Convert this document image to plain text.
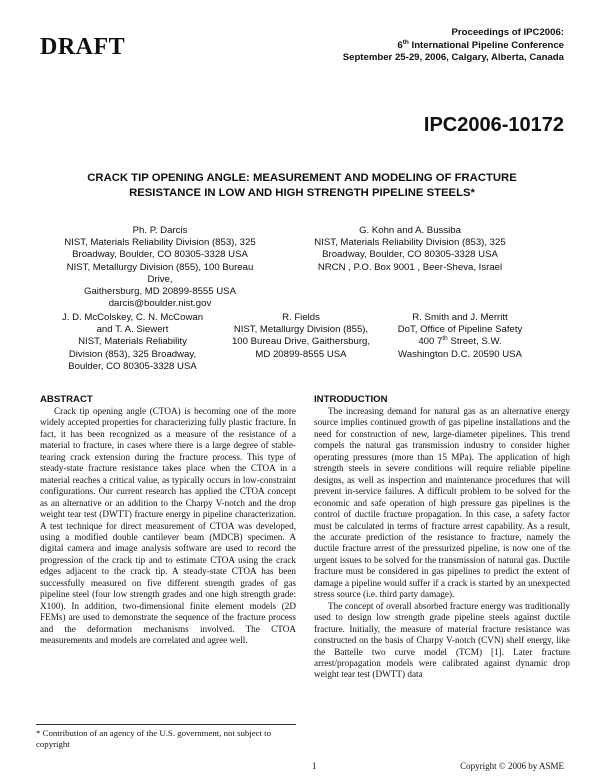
DRAFT
Proceedings of IPC2006:
6th International Pipeline Conference
September 25-29, 2006, Calgary, Alberta, Canada
IPC2006-10172
CRACK TIP OPENING ANGLE: MEASUREMENT AND MODELING OF FRACTURE
RESISTANCE IN LOW AND HIGH STRENGTH PIPELINE STEELS*
Ph. P. Darcis
NIST, Materials Reliability Division (853), 325
Broadway, Boulder, CO 80305-3328 USA
NIST, Metallurgy Division (855), 100 Bureau Drive,
Gaithersburg, MD 20899-8555 USA
darcis@boulder.nist.gov
G. Kohn and A. Bussiba
NIST, Materials Reliability Division (853), 325
Broadway, Boulder, CO 80305-3328 USA
NRCN , P.O. Box 9001 , Beer-Sheva, Israel
J. D. McColskey, C. N. McCowan
and T. A. Siewert
NIST, Materials Reliability
Division (853), 325 Broadway,
Boulder, CO 80305-3328 USA
R. Fields
NIST, Metallurgy Division (855),
100 Bureau Drive, Gaithersburg,
MD 20899-8555 USA
R. Smith and J. Merritt
DoT, Office of Pipeline Safety
400 7th Street, S.W.
Washington D.C. 20590 USA
ABSTRACT

Crack tip opening angle (CTOA) is becoming one of the more widely accepted properties for characterizing fully plastic fracture. In fact, it has been recognized as a measure of the resistance of a material to fracture, in cases where there is a large degree of stable-tearing crack extension during the fracture process. This type of steady-state fracture resistance takes place when the CTOA in a material reaches a critical value, as typically occurs in low-constraint configurations. Our current research has applied the CTOA concept as an alternative or an addition to the Charpy V-notch and the drop weight tear test (DWTT) fracture energy in pipeline characterization. A test technique for direct measurement of CTOA was developed, using a modified double cantilever beam (MDCB) specimen. A digital camera and image analysis software are used to record the progression of the crack tip and to estimate CTOA using the crack edges adjacent to the crack tip. A steady-state CTOA has been successfully measured on five different strength grades of gas pipeline steel (four low strength grades and one high strength grade: X100). In addition, two-dimensional finite element models (2D FEMs) are used to demonstrate the sequence of the fracture process and the deformation mechanisms involved. The CTOA measurements and models are correlated and agree well.

INTRODUCTION

The increasing demand for natural gas as an alternative energy source implies continued growth of gas pipeline installations and the need for construction of new, large-diameter pipelines. This trend compels the natural gas transmission industry to consider higher operating pressures (more than 15 MPa). The application of high strength steels in severe conditions will require reliable pipeline designs, as well as inspection and maintenance procedures that will prevent in-service failures. A difficult problem to be solved for the economic and safe operation of high pressure gas pipelines is the control of ductile fracture propagation. In this case, a safety factor must be calculated in terms of fracture arrest capability. As a result, the accurate prediction of the resistance to fracture, namely the ductile fracture arrest of the pressurized pipeline, is now one of the urgent issues to be solved for the transmission of natural gas. Ductile fracture must be considered in gas pipelines to predict the extent of damage a pipeline would suffer if a crack is started by an unexpected stress source (i.e. third party damage).

The concept of overall absorbed fracture energy was traditionally used to design low strength grade pipeline steels against ductile fracture. Initially, the measure of material fracture resistance was constructed on the basis of Charpy V-notch (CVN) shelf energy, like the Battelle two curve model (TCM) [1]. Later fracture arrest/propagation models were calibrated against dynamic drop weight tear test (DWTT) data

* Contribution of an agency of the U.S. government, not subject to copyright
1	Copyright © 2006 by ASME
